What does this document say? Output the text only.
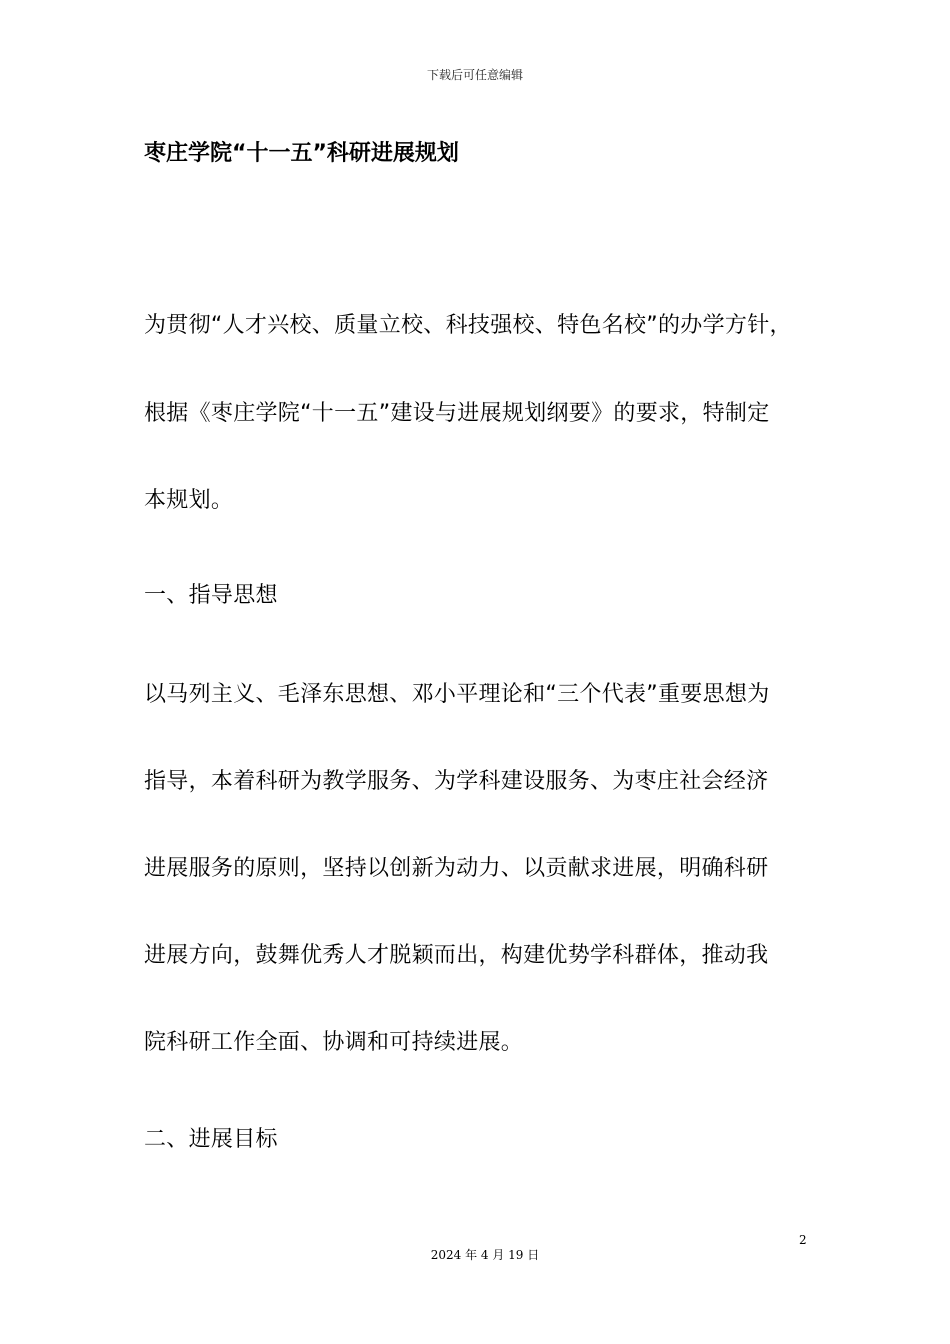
下载后可任意编辑
枣庄学院“十一五”科研进展规划
为贯彻“人才兴校、质量立校、科技强校、特色名校”的办学方针，
根据《枣庄学院“十一五”建设与进展规划纲要》的要求，特制定
本规划。
一、指导思想
以马列主义、毛泽东思想、邓小平理论和“三个代表”重要思想为
指导，本着科研为教学服务、为学科建设服务、为枣庄社会经济
进展服务的原则，坚持以创新为动力、以贡献求进展，明确科研
进展方向，鼓舞优秀人才脱颖而出，构建优势学科群体，推动我
院科研工作全面、协调和可持续进展。
二、进展目标
2
2024 年 4 月 19 日
